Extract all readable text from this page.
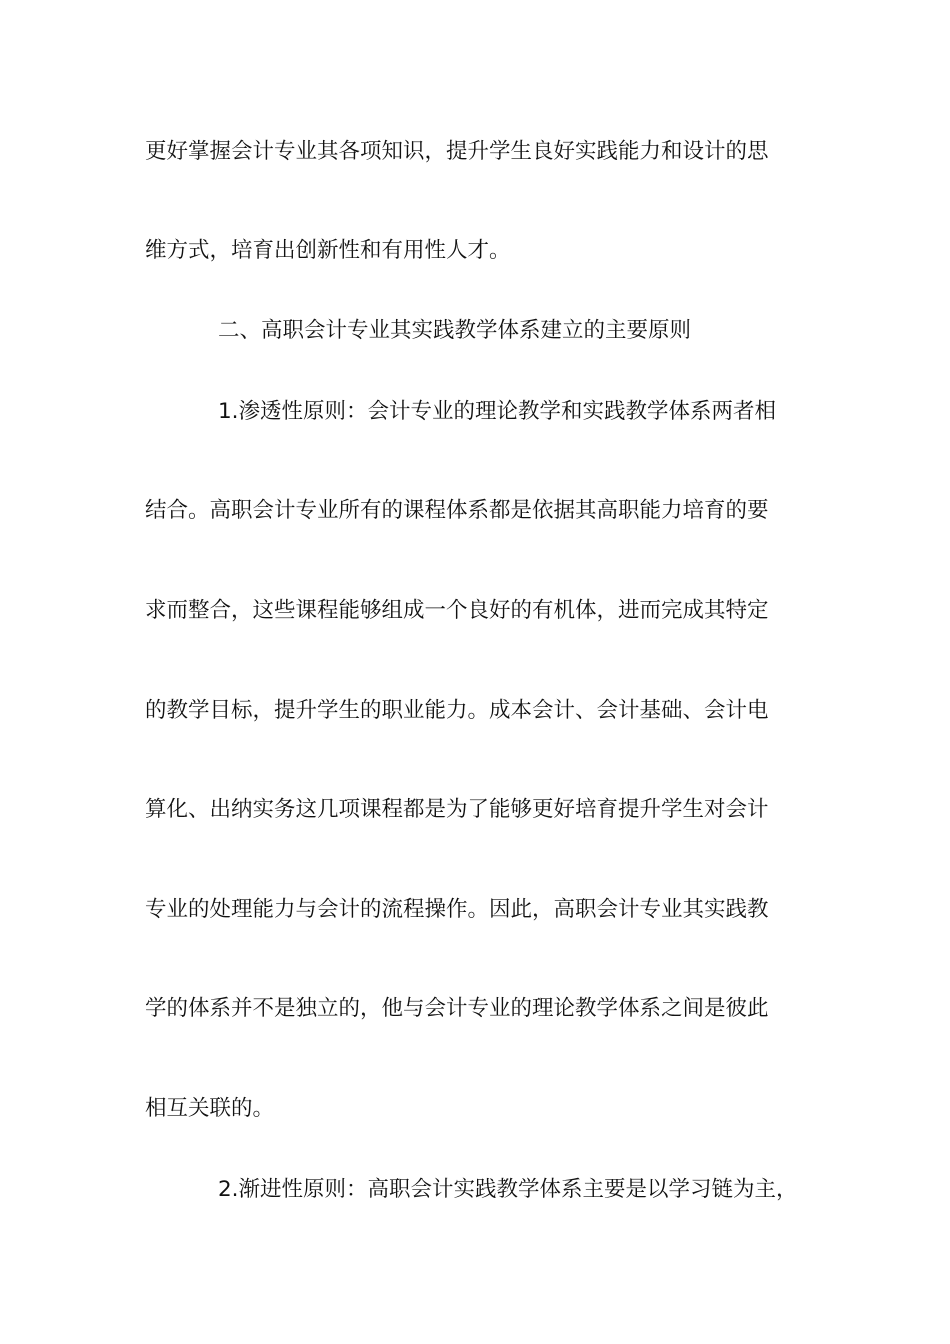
更好掌握会计专业其各项知识，提升学生良好实践能力和设计的思
维方式，培育出创新性和有用性人才。
二、高职会计专业其实践教学体系建立的主要原则
1.渗透性原则：会计专业的理论教学和实践教学体系两者相
结合。高职会计专业所有的课程体系都是依据其高职能力培育的要
求而整合，这些课程能够组成一个良好的有机体，进而完成其特定
的教学目标，提升学生的职业能力。成本会计、会计基础、会计电
算化、出纳实务这几项课程都是为了能够更好培育提升学生对会计
专业的处理能力与会计的流程操作。因此，高职会计专业其实践教
学的体系并不是独立的，他与会计专业的理论教学体系之间是彼此
相互关联的。
2.渐进性原则：高职会计实践教学体系主要是以学习链为主，
